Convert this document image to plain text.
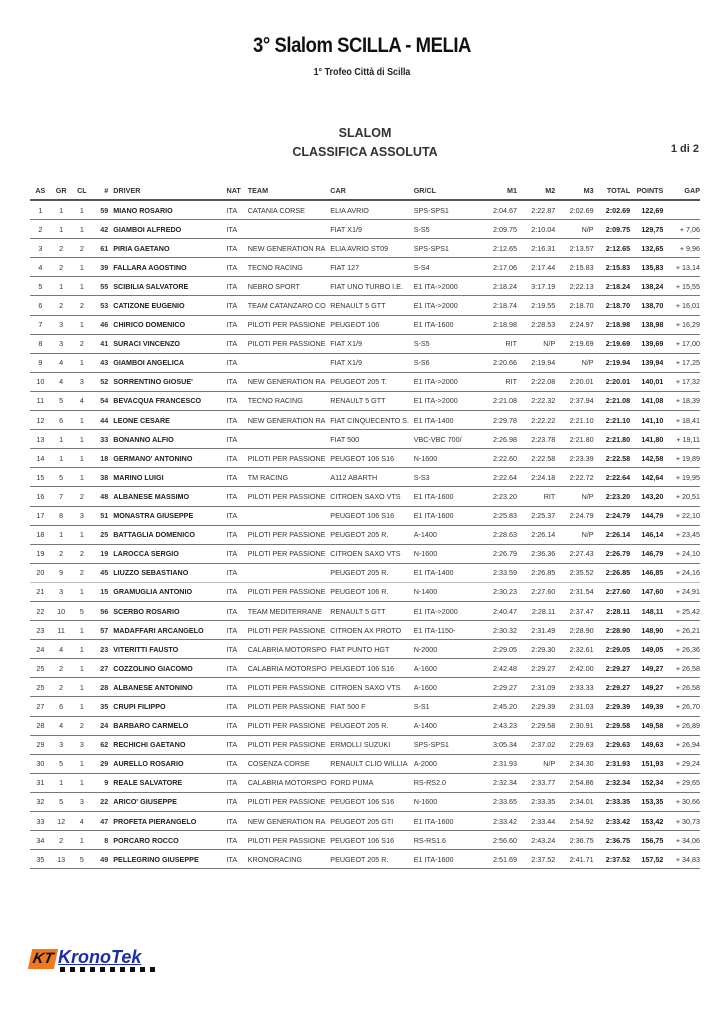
3° Slalom SCILLA - MELIA
1° Trofeo Città di Scilla
SLALOM
CLASSIFICA ASSOLUTA	1 di 2
AS	GR	CL	#	DRIVER	NAT	TEAM	CAR	GR/CL	M1	M2	M3	TOTAL	POINTS	GAP
1	1	1	59	MIANO ROSARIO	ITA	CATANIA CORSE	ELIA AVRIO	SPS-SPS1	2:04.67	2:22.87	2:02.69	2:02.69	122,69	
2	1	1	42	GIAMBOI ALFREDO	ITA		FIAT X1/9	S-S5	2:09.75	2:10.04	N/P	2:09.75	129,75	+ 7,06
3	2	2	61	PIRIA GAETANO	ITA	NEW GENERATION RA	ELIA AVRIO ST09	SPS-SPS1	2:12.65	2:16.31	2:13.57	2:12.65	132,65	+ 9,96
4	2	1	39	FALLARA AGOSTINO	ITA	TECNO RACING	FIAT 127	S-S4	2:17.06	2:17.44	2:15.83	2:15.83	135,83	+ 13,14
5	1	1	55	SCIBILIA SALVATORE	ITA	NEBRO SPORT	FIAT UNO TURBO I.E.	E1 ITA->2000	2:18.24	3:17.19	2:22.13	2:18.24	138,24	+ 15,55
6	2	2	53	CATIZONE EUGENIO	ITA	TEAM CATANZARO CO	RENAULT 5 GTT	E1 ITA->2000	2:18.74	2:19.55	2:18.70	2:18.70	138,70	+ 16,01
7	3	1	46	CHIRICO DOMENICO	ITA	PILOTI PER PASSIONE	PEUGEOT 106	E1 ITA-1600	2:18.98	2:28.53	2:24.97	2:18.98	138,98	+ 16,29
8	3	2	41	SURACI VINCENZO	ITA	PILOTI PER PASSIONE	FIAT X1/9	S-S5	RIT	N/P	2:19.69	2:19.69	139,69	+ 17,00
9	4	1	43	GIAMBOI ANGELICA	ITA		FIAT X1/9	S-S6	2:20.66	2:19.94	N/P	2:19.94	139,94	+ 17,25
10	4	3	52	SORRENTINO GIOSUE'	ITA	NEW GENERATION RA	PEUGEOT 205 T.	E1 ITA->2000	RIT	2:22.08	2:20.01	2:20.01	140,01	+ 17,32
11	5	4	54	BEVACQUA FRANCESCO	ITA	TECNO RACING	RENAULT 5 GTT	E1 ITA->2000	2:21.08	2:22.32	2:37.94	2:21.08	141,08	+ 18,39
12	6	1	44	LEONE CESARE	ITA	NEW GENERATION RA	FIAT CINQUECENTO S.	E1 ITA-1400	2:29.78	2:22.22	2:21.10	2:21.10	141,10	+ 18,41
13	1	1	33	BONANNO ALFIO	ITA		FIAT 500	VBC-VBC 700/	2:26.98	2:23.78	2:21.80	2:21.80	141,80	+ 19,11
14	1	1	18	GERMANO' ANTONINO	ITA	PILOTI PER PASSIONE	PEUGEOT 106 S16	N-1600	2:22.60	2:22.58	2:23.39	2:22.58	142,58	+ 19,89
15	5	1	38	MARINO LUIGI	ITA	TM RACING	A112 ABARTH	S-S3	2:22.64	2:24.18	2:22.72	2:22.64	142,64	+ 19,95
16	7	2	48	ALBANESE MASSIMO	ITA	PILOTI PER PASSIONE	CITROEN SAXO VTS	E1 ITA-1600	2:23.20	RIT	N/P	2:23.20	143,20	+ 20,51
17	8	3	51	MONASTRA GIUSEPPE	ITA		PEUGEOT 106 S16	E1 ITA-1600	2:25.83	2:25.37	2:24.79	2:24.79	144,79	+ 22,10
18	1	1	25	BATTAGLIA DOMENICO	ITA	PILOTI PER PASSIONE	PEUGEOT 205 R.	A-1400	2:28.63	2:26.14	N/P	2:26.14	146,14	+ 23,45
19	2	2	19	LAROCCA SERGIO	ITA	PILOTI PER PASSIONE	CITROEN SAXO VTS	N-1600	2:26.79	2:36.36	2:27.43	2:26.79	146,79	+ 24,10
20	9	2	45	LIUZZO SEBASTIANO	ITA		PEUGEOT 205 R.	E1 ITA-1400	2:33.59	2:26.85	2:35.52	2:26.85	146,85	+ 24,16
21	3	1	15	GRAMUGLIA ANTONIO	ITA	PILOTI PER PASSIONE	PEUGEOT 106 R.	N-1400	2:30.23	2:27.60	2:31.54	2:27.60	147,60	+ 24,91
22	10	5	56	SCERBO ROSARIO	ITA	TEAM MEDITERRANE	RENAULT 5 GTT	E1 ITA->2000	2:40.47	2:28.11	2:37.47	2:28.11	148,11	+ 25,42
23	11	1	57	MADAFFARI ARCANGELO	ITA	PILOTI PER PASSIONE	CITROEN AX PROTO	E1 ITA-1150-	2:30.32	2:31.49	2:28.90	2:28.90	148,90	+ 26,21
24	4	1	23	VITERITTI FAUSTO	ITA	CALABRIA MOTORSPO	FIAT PUNTO HGT	N-2000	2:29.05	2:29.30	2:32.61	2:29.05	149,05	+ 26,36
25	2	1	27	COZZOLINO GIACOMO	ITA	CALABRIA MOTORSPO	PEUGEOT 106 S16	A-1600	2:42.48	2:29.27	2:42.00	2:29.27	149,27	+ 26,58
25	2	1	28	ALBANESE ANTONINO	ITA	PILOTI PER PASSIONE	CITROEN SAXO VTS	A-1600	2:29.27	2:31.09	2:33.33	2:29.27	149,27	+ 26,58
27	6	1	35	CRUPI FILIPPO	ITA	PILOTI PER PASSIONE	FIAT 500 F	S-S1	2:45.20	2:29.39	2:31.03	2:29.39	149,39	+ 26,70
28	4	2	24	BARBARO CARMELO	ITA	PILOTI PER PASSIONE	PEUGEOT 205 R.	A-1400	2:43.23	2:29.58	2:30.91	2:29.58	149,58	+ 26,89
29	3	3	62	RECHICHI GAETANO	ITA	PILOTI PER PASSIONE	ERMOLLI SUZUKI	SPS-SPS1	3:05.34	2:37.02	2:29.63	2:29.63	149,63	+ 26,94
30	5	1	29	AURELLO ROSARIO	ITA	COSENZA CORSE	RENAULT CLIO WILLIA	A-2000	2:31.93	N/P	2:34.30	2:31.93	151,93	+ 29,24
31	1	1	9	REALE SALVATORE	ITA	CALABRIA MOTORSPO	FORD PUMA	RS-RS2.0	2:32.34	2:33.77	2:54.86	2:32.34	152,34	+ 29,65
32	5	3	22	ARICO' GIUSEPPE	ITA	PILOTI PER PASSIONE	PEUGEOT 106 S16	N-1600	2:33.65	2:33.35	2:34.01	2:33.35	153,35	+ 30,66
33	12	4	47	PROFETA PIERANGELO	ITA	NEW GENERATION RA	PEUGEOT 205 GTI	E1 ITA-1600	2:33.42	2:33.44	2:54.92	2:33.42	153,42	+ 30,73
34	2	1	8	PORCARO ROCCO	ITA	PILOTI PER PASSIONE	PEUGEOT 106 S16	RS-RS1.6	2:56.60	2:43.24	2:36.75	2:36.75	156,75	+ 34,06
35	13	5	49	PELLEGRINO GIUSEPPE	ITA	KRONORACING	PEUGEOT 205 R.	E1 ITA-1600	2:51.69	2:37.52	2:41.71	2:37.52	157,52	+ 34,83
KT KronoTek
